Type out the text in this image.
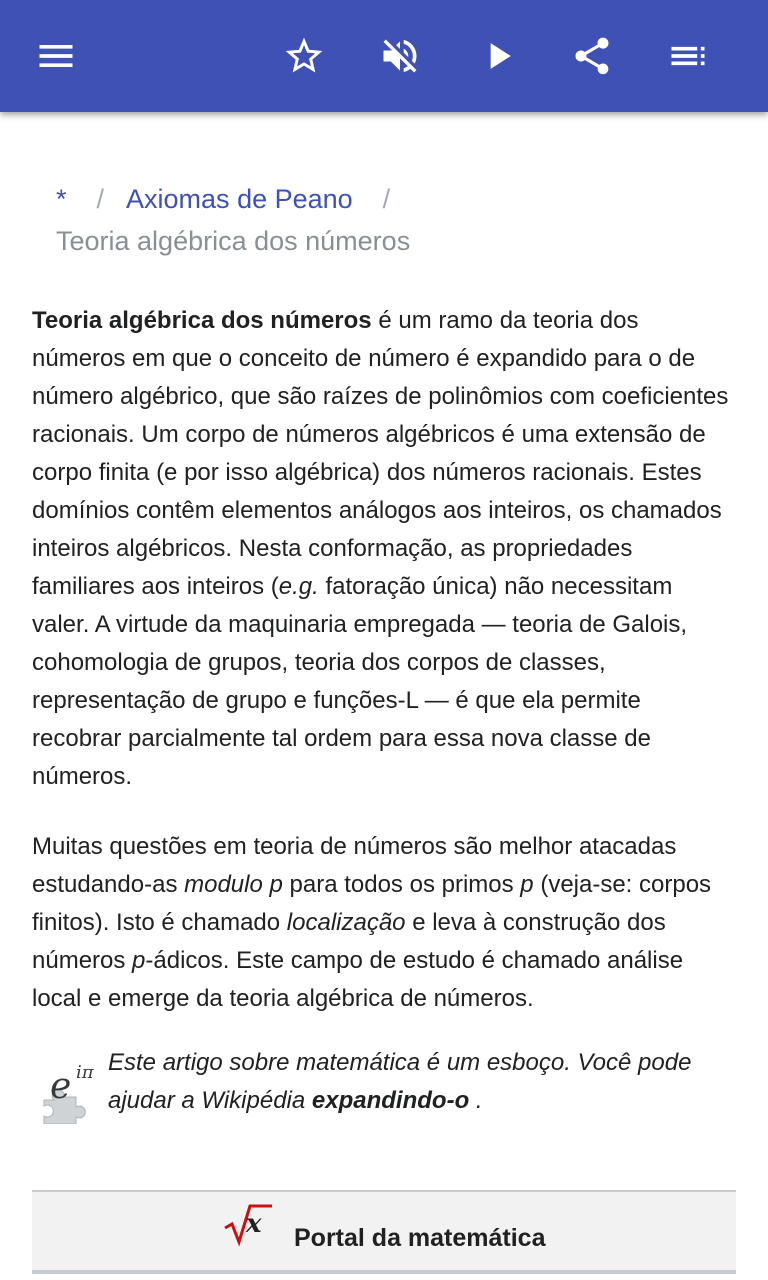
* / Axiomas de Peano /
Teoria algébrica dos números

Teoria algébrica dos números é um ramo da teoria dos números em que o conceito de número é expandido para o de número algébrico, que são raízes de polinômios com coeficientes racionais. Um corpo de números algébricos é uma extensão de corpo finita (e por isso algébrica) dos números racionais. Estes domínios contêm elementos análogos aos inteiros, os chamados inteiros algébricos. Nesta conformação, as propriedades familiares aos inteiros (e.g. fatoração única) não necessitam valer. A virtude da maquinaria empregada — teoria de Galois, cohomologia de grupos, teoria dos corpos de classes, representação de grupo e funções-L — é que ela permite recobrar parcialmente tal ordem para essa nova classe de números.

Muitas questões em teoria de números são melhor atacadas estudando-as modulo p para todos os primos p (veja-se: corpos finitos). Isto é chamado localização e leva à construção dos números p-ádicos. Este campo de estudo é chamado análise local e emerge da teoria algébrica de números.

e iπ Este artigo sobre matemática é um esboço. Você pode ajudar a Wikipédia expandindo-o .
x Portal da matemática
